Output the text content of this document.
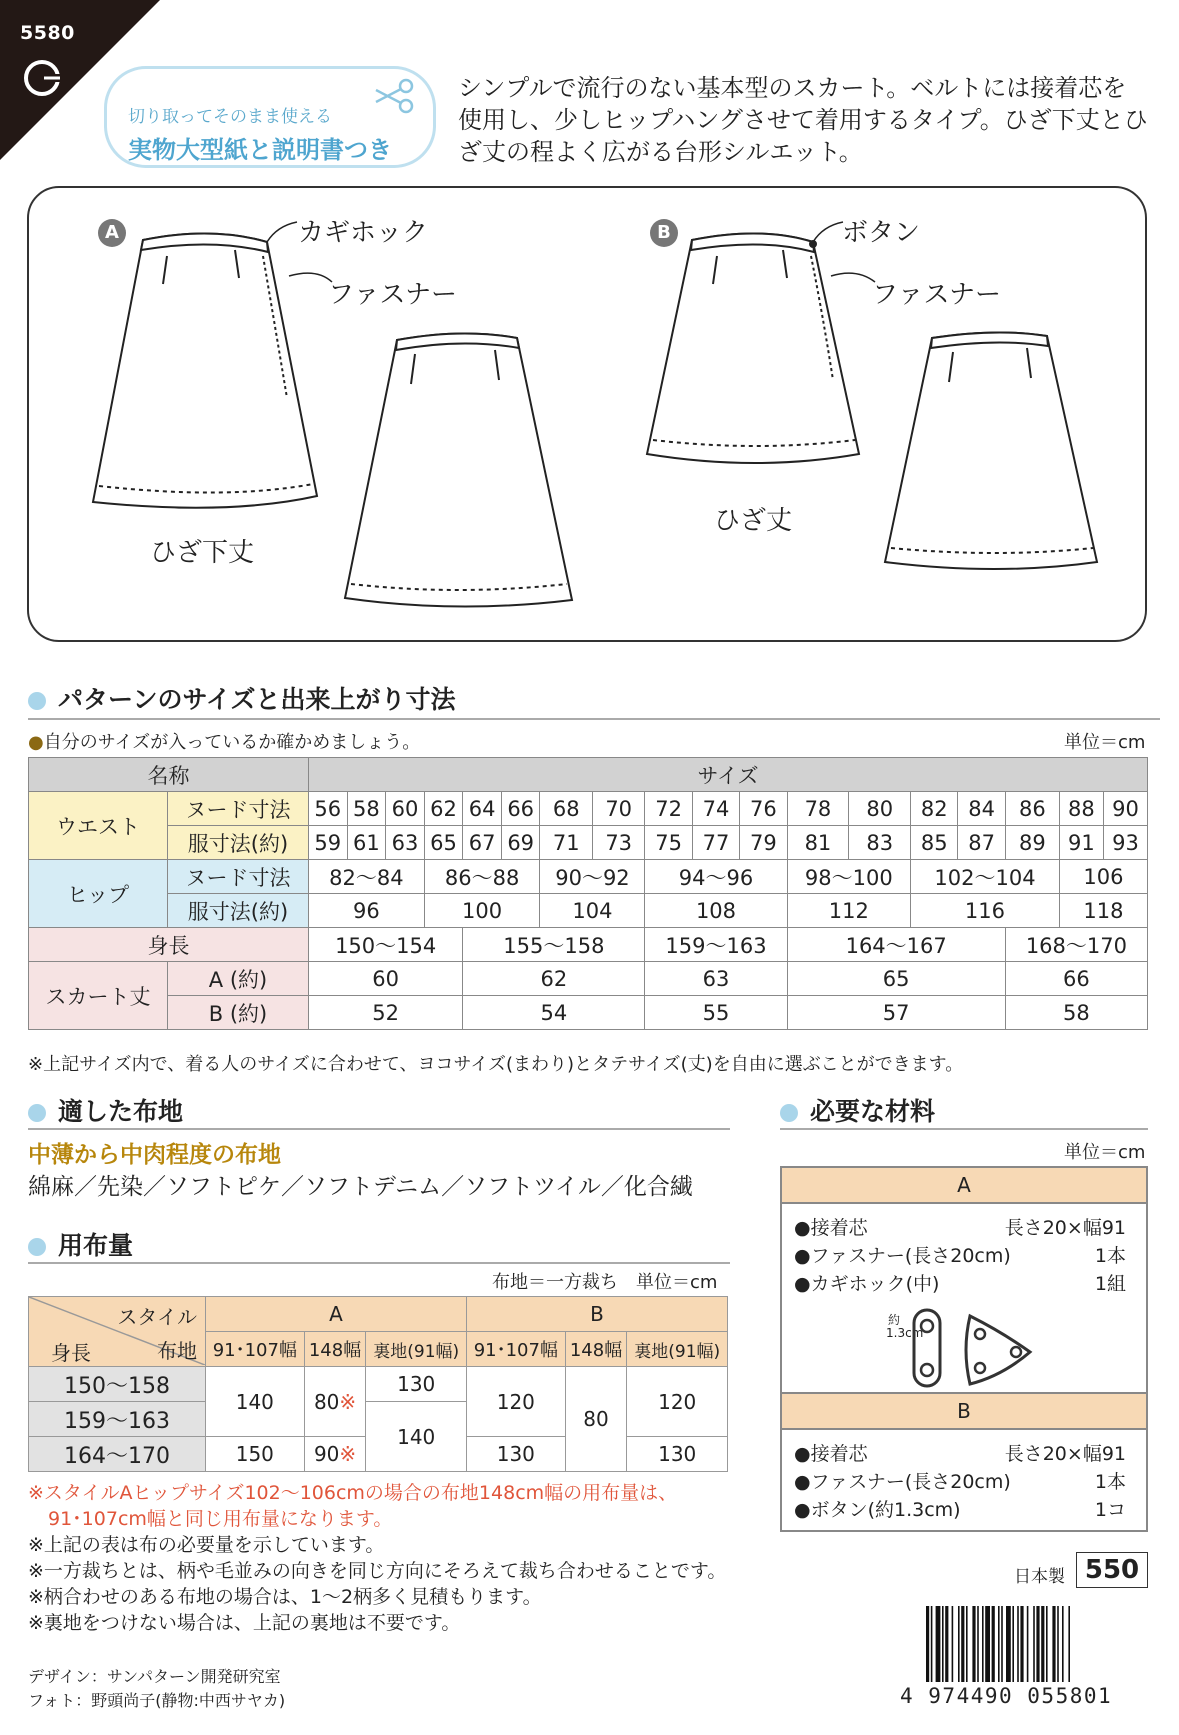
5580
切り取ってそのまま使える
実物大型紙と説明書つき
シンプルで流行のない基本型のスカート。ベルトには接着芯を
使用し、少しヒップハングさせて着用するタイプ。ひざ下丈とひ
ざ丈の程よく広がる台形シルエット。
A	カギホック
ファスナー
ひざ下丈
B	ボタン
ファスナー
ひざ丈
パターンのサイズと出来上がり寸法
●自分のサイズが入っているか確かめましょう。	単位＝cm
名称		サイズ																	
ウエスト	ヌード寸法	56	58	60	62	64	66	68	70	72	74	76	78	80	82	84	86	88	90
	服寸法(約)	59	61	63	65	67	69	71	73	75	77	79	81	83	85	87	89	91	93
ヒップ	ヌード寸法	82〜84			86〜88			90〜92		94〜96			98〜100		102〜104			106	
	服寸法(約)	96			100			104		108			112		116			118	
身長		150〜154				155〜158				159〜163			164〜167				168〜170		
スカート丈	A (約)	60				62				63			65				66		
	B (約)	52				54				55			57				58		
※上記サイズ内で、着る人のサイズに合わせて、ヨコサイズ(まわり)とタテサイズ(丈)を自由に選ぶことができます。
適した布地
中薄から中肉程度の布地
綿麻／先染／ソフトピケ／ソフトデニム／ソフトツイル／化合繊
用布量
布地＝一方裁ち　単位＝cm
スタイル
布地
身長	A			B		
	91･107幅	148幅	裏地(91幅)	91･107幅	148幅	裏地(91幅)
150〜158	140	80※	130	120	80	120
159〜163			140			
164〜170	150	90※		130		130
※スタイルAヒップサイズ102〜106cmの場合の布地148cm幅の用布量は、
91･107cm幅と同じ用布量になります。
※上記の表は布の必要量を示しています。
※一方裁ちとは、柄や毛並みの向きを同じ方向にそろえて裁ち合わせることです。
※柄合わせのある布地の場合は、1〜2柄多く見積もります。
※裏地をつけない場合は、上記の裏地は不要です。
必要な材料
単位＝cm
A
●接着芯	長さ20×幅91
●ファスナー(長さ20cm)	1本
●カギホック(中)	1組
約1.3cm
B
●接着芯	長さ20×幅91
●ファスナー(長さ20cm)	1本
●ボタン(約1.3cm)	1コ
日本製 550
4 974490 055801
デザイン：サンパターン開発研究室
フォト：野頭尚子(静物:中西サヤカ)
